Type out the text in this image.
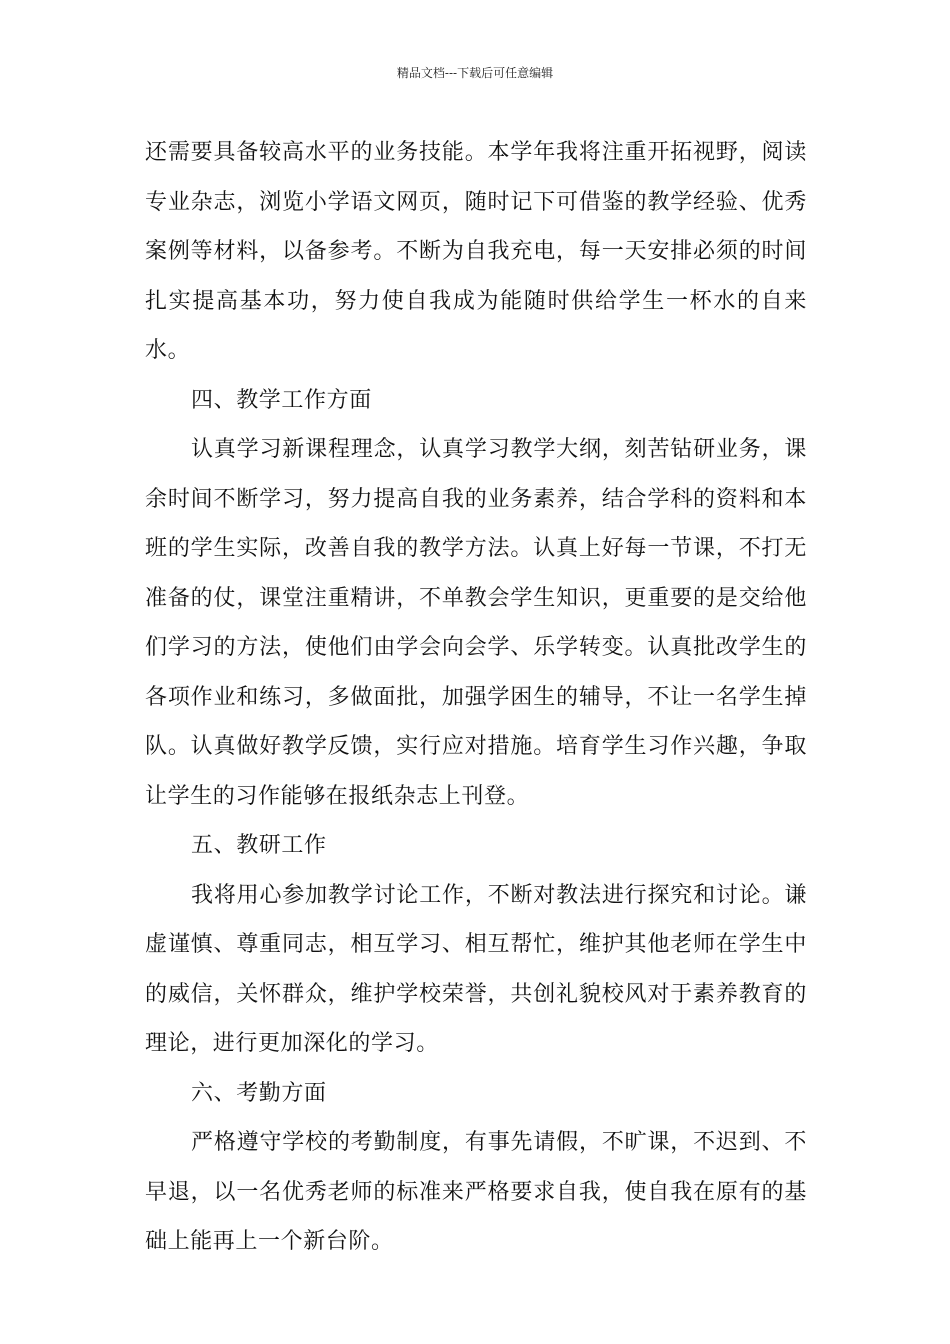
精品文档---下载后可任意编辑

还需要具备较高水平的业务技能。本学年我将注重开拓视野，阅读专业杂志，浏览小学语文网页，随时记下可借鉴的教学经验、优秀案例等材料，以备参考。不断为自我充电，每一天安排必须的时间扎实提高基本功，努力使自我成为能随时供给学生一杯水的自来水。

四、教学工作方面

认真学习新课程理念，认真学习教学大纲，刻苦钻研业务，课余时间不断学习，努力提高自我的业务素养，结合学科的资料和本班的学生实际，改善自我的教学方法。认真上好每一节课，不打无准备的仗，课堂注重精讲，不单教会学生知识，更重要的是交给他们学习的方法，使他们由学会向会学、乐学转变。认真批改学生的各项作业和练习，多做面批，加强学困生的辅导，不让一名学生掉队。认真做好教学反馈，实行应对措施。培育学生习作兴趣，争取让学生的习作能够在报纸杂志上刊登。

五、教研工作

我将用心参加教学讨论工作，不断对教法进行探究和讨论。谦虚谨慎、尊重同志，相互学习、相互帮忙，维护其他老师在学生中的威信，关怀群众，维护学校荣誉，共创礼貌校风对于素养教育的理论，进行更加深化的学习。

六、考勤方面

严格遵守学校的考勤制度，有事先请假，不旷课，不迟到、不早退，以一名优秀老师的标准来严格要求自我，使自我在原有的基础上能再上一个新台阶。
